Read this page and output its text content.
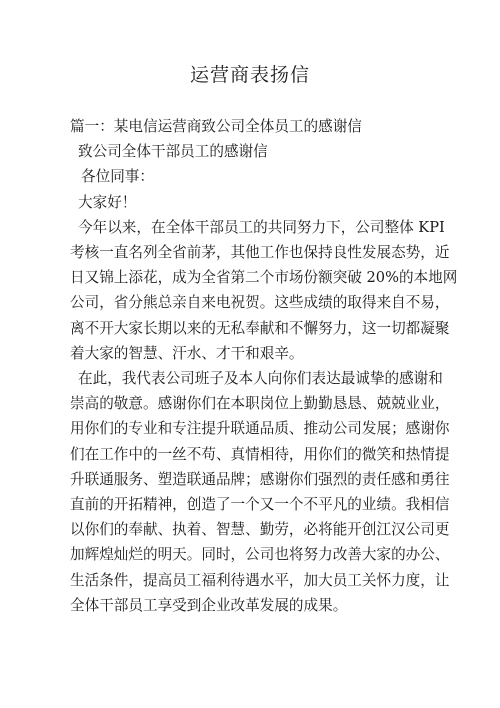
运营商表扬信
篇一：某电信运营商致公司全体员工的感谢信
致公司全体干部员工的感谢信
各位同事：
大家好！
今年以来，在全体干部员工的共同努力下，公司整体 KPI
考核一直名列全省前茅，其他工作也保持良性发展态势，近
日又锦上添花，成为全省第二个市场份额突破 20%的本地网
公司，省分熊总亲自来电祝贺。这些成绩的取得来自不易，
离不开大家长期以来的无私奉献和不懈努力，这一切都凝聚
着大家的智慧、汗水、才干和艰辛。
在此，我代表公司班子及本人向你们表达最诚挚的感谢和
崇高的敬意。感谢你们在本职岗位上勤勤恳恳、兢兢业业，
用你们的专业和专注提升联通品质、推动公司发展；感谢你
们在工作中的一丝不苟、真情相待，用你们的微笑和热情提
升联通服务、塑造联通品牌；感谢你们强烈的责任感和勇往
直前的开拓精神，创造了一个又一个不平凡的业绩。我相信
以你们的奉献、执着、智慧、勤劳，必将能开创江汉公司更
加辉煌灿烂的明天。同时，公司也将努力改善大家的办公、
生活条件，提高员工福利待遇水平，加大员工关怀力度，让
全体干部员工享受到企业改革发展的成果。
